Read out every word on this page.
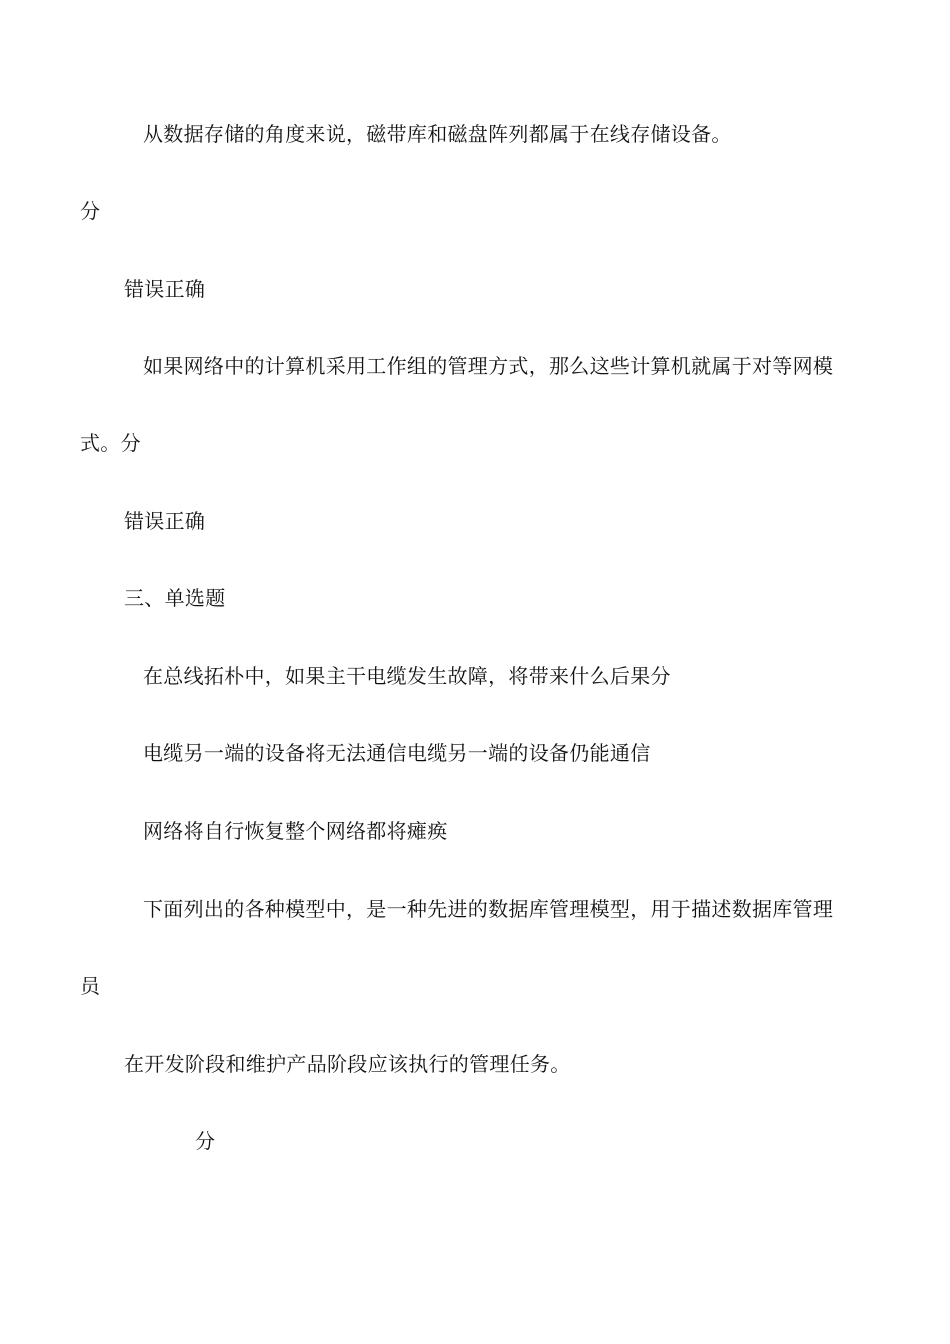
从数据存储的角度来说，磁带库和磁盘阵列都属于在线存储设备。
分
错误正确
如果网络中的计算机采用工作组的管理方式，那么这些计算机就属于对等网模
式。分
错误正确
三、单选题
在总线拓朴中，如果主干电缆发生故障，将带来什么后果分
电缆另一端的设备将无法通信电缆另一端的设备仍能通信
网络将自行恢复整个网络都将瘫痪
下面列出的各种模型中，是一种先进的数据库管理模型，用于描述数据库管理
员
在开发阶段和维护产品阶段应该执行的管理任务。
分
